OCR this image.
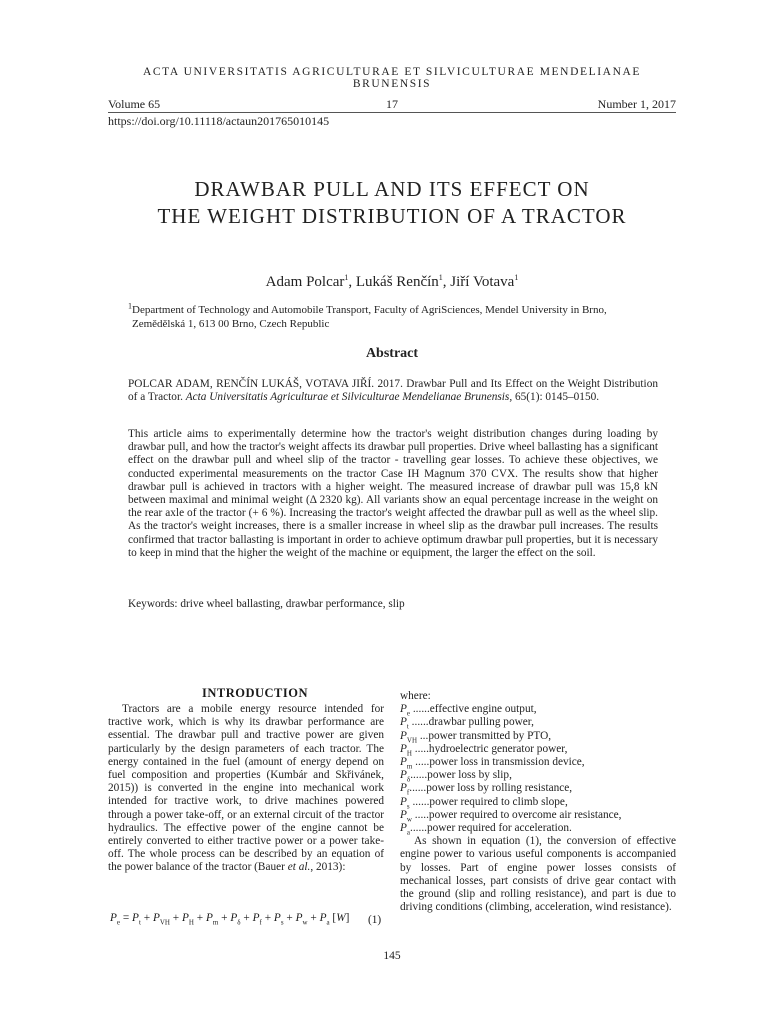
ACTA UNIVERSITATIS AGRICULTURAE ET SILVICULTURAE MENDELIANAE BRUNENSIS
Volume 65	17	Number 1, 2017
https://doi.org/10.11118/actaun201765010145
DRAWBAR PULL AND ITS EFFECT ON
THE WEIGHT DISTRIBUTION OF A TRACTOR
Adam Polcar$^1$, Lukáš Renčín$^1$, Jiří Votava$^1$
$^1$Department of Technology and Automobile Transport, Faculty of AgriSciences, Mendel University in Brno,
Zemědělská 1, 613 00 Brno, Czech Republic
Abstract
POLCAR ADAM, RENČÍN LUKÁŠ, VOTAVA JIŘÍ. 2017. Drawbar Pull and Its Effect on the Weight Distribution of a Tractor. Acta Universitatis Agriculturae et Silviculturae Mendelianae Brunensis, 65(1): 0145–0150.
This article aims to experimentally determine how the tractor's weight distribution changes during loading by drawbar pull, and how the tractor's weight affects its drawbar pull properties. Drive wheel ballasting has a significant effect on the drawbar pull and wheel slip of the tractor - travelling gear losses. To achieve these objectives, we conducted experimental measurements on the tractor Case IH Magnum 370 CVX. The results show that higher drawbar pull is achieved in tractors with a higher weight. The measured increase of drawbar pull was 15,8 kN between maximal and minimal weight (Δ 2320 kg). All variants show an equal percentage increase in the weight on the rear axle of the tractor (+ 6 %). Increasing the tractor's weight affected the drawbar pull as well as the wheel slip. As the tractor's weight increases, there is a smaller increase in wheel slip as the drawbar pull increases. The results confirmed that tractor ballasting is important in order to achieve optimum drawbar pull properties, but it is necessary to keep in mind that the higher the weight of the machine or equipment, the larger the effect on the soil.
Keywords: drive wheel ballasting, drawbar performance, slip
INTRODUCTION
Tractors are a mobile energy resource intended for tractive work, which is why its drawbar performance are essential. The drawbar pull and tractive power are given particularly by the design parameters of each tractor. The energy contained in the fuel (amount of energy depend on fuel composition and properties (Kumbár and Skřivánek, 2015)) is converted in the engine into mechanical work intended for tractive work, to drive machines powered through a power take-off, or an external circuit of the tractor hydraulics. The effective power of the engine cannot be entirely converted to either tractive power or a power take-off. The whole process can be described by an equation of the power balance of the tractor (Bauer et al., 2013):
$P_e = P_t + P_{VH} + P_H + P_m + P_\delta + P_f + P_s + P_w + P_a$ [W]	(1)
where:
$P_e$ ......effective engine output,
$P_t$ ......drawbar pulling power,
$P_{VH}$ ...power transmitted by PTO,
$P_H$ .....hydroelectric generator power,
$P_m$ .....power loss in transmission device,
$P_\delta......power$ loss by slip,
$P_f......power$ loss by rolling resistance,
$P_s$ ......power required to climb slope,
$P_w$ .....power required to overcome air resistance,
$P_a......power$ required for acceleration.
As shown in equation (1), the conversion of effective engine power to various useful components is accompanied by losses. Part of engine power losses consists of mechanical losses, part consists of drive gear contact with the ground (slip and rolling resistance), and part is due to driving conditions (climbing, acceleration, wind resistance).
145
